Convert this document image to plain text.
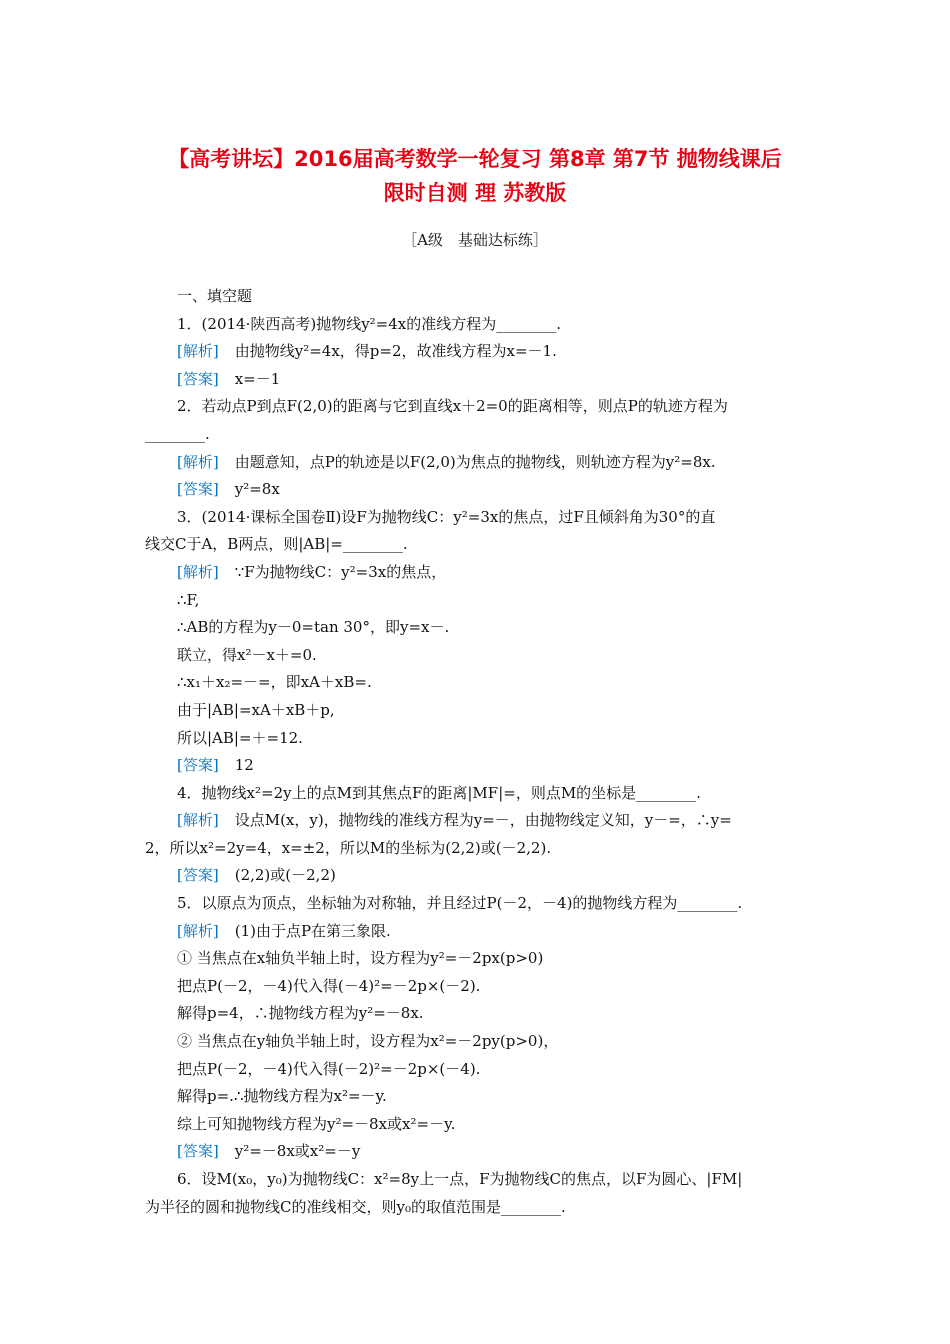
【高考讲坛】2016届高考数学一轮复习 第8章 第7节 抛物线课后
限时自测 理 苏教版
［A级　基础达标练］
一、填空题
1．(2014·陕西高考)抛物线y²=4x的准线方程为________.
[解析] 由抛物线y²=4x，得p=2，故准线方程为x=－1.
[答案] x=－1
2．若动点P到点F(2,0)的距离与它到直线x＋2=0的距离相等，则点P的轨迹方程为
________.
[解析] 由题意知，点P的轨迹是以F(2,0)为焦点的抛物线，则轨迹方程为y²=8x.
[答案] y²=8x
3．(2014·课标全国卷Ⅱ)设F为抛物线C：y²=3x的焦点，过F且倾斜角为30°的直
线交C于A，B两点，则|AB|=________.
[解析] ∵F为抛物线C：y²=3x的焦点，
∴F,
∴AB的方程为y－0=tan 30°，即y=x－.
联立，得x²－x＋=0.
∴x₁＋x₂=－=，即xA＋xB=.
由于|AB|=xA＋xB＋p,
所以|AB|=＋=12.
[答案] 12
4．抛物线x²=2y上的点M到其焦点F的距离|MF|=，则点M的坐标是________.
[解析] 设点M(x，y)，抛物线的准线方程为y=－，由抛物线定义知，y－=，∴y=
2，所以x²=2y=4，x=±2，所以M的坐标为(2,2)或(－2,2).
[答案] (2,2)或(－2,2)
5．以原点为顶点，坐标轴为对称轴，并且经过P(－2，－4)的抛物线方程为________.
[解析] (1)由于点P在第三象限.
① 当焦点在x轴负半轴上时，设方程为y²=－2px(p>0)
把点P(－2，－4)代入得(－4)²=－2p×(－2).
解得p=4，∴抛物线方程为y²=－8x.
② 当焦点在y轴负半轴上时，设方程为x²=－2py(p>0)，
把点P(－2，－4)代入得(－2)²=－2p×(－4).
解得p=.∴抛物线方程为x²=－y.
综上可知抛物线方程为y²=－8x或x²=－y.
[答案] y²=－8x或x²=－y
6．设M(x₀，y₀)为抛物线C：x²=8y上一点，F为抛物线C的焦点，以F为圆心、|FM|
为半径的圆和抛物线C的准线相交，则y₀的取值范围是________.
